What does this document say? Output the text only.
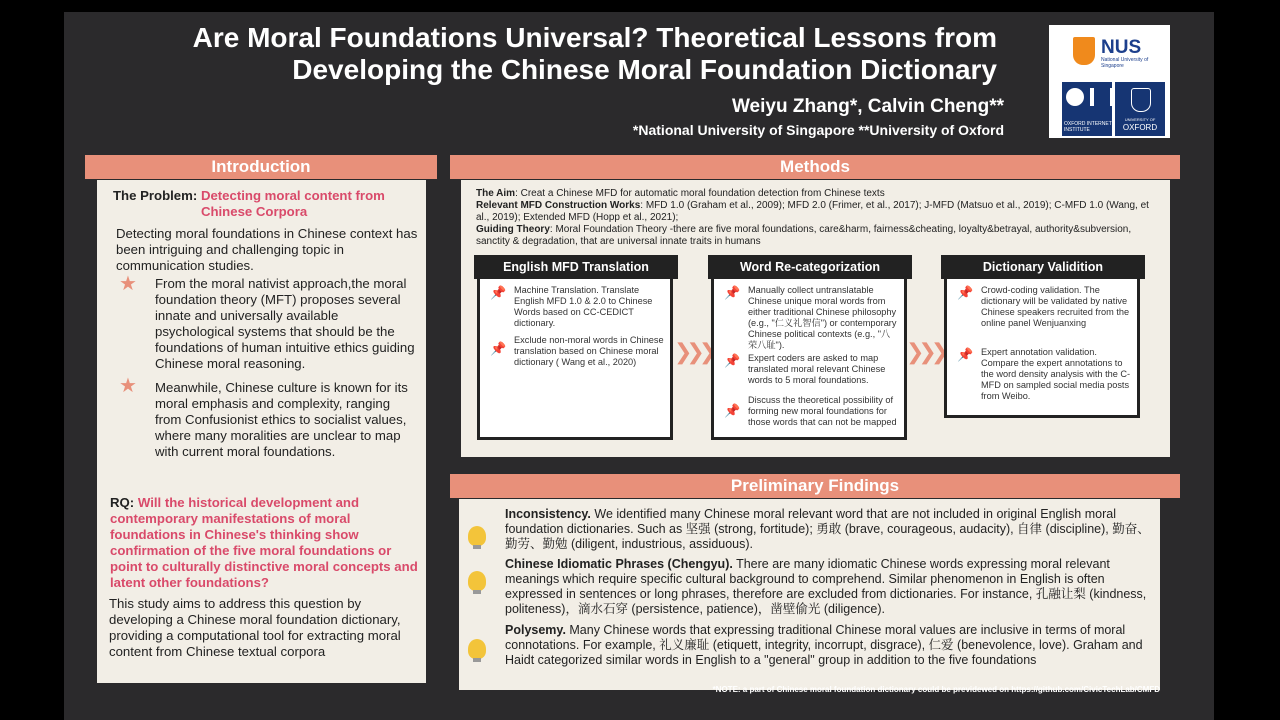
Are Moral Foundations Universal? Theoretical Lessons from
Developing the Chinese Moral Foundation Dictionary
Weiyu Zhang*, Calvin Cheng**
*National University of Singapore **University of Oxford
NUS
National University of Singapore
OXFORD INTERNET INSTITUTE
UNIVERSITY OF
OXFORD
Introduction
The Problem: Detecting moral content from
Chinese Corpora
Detecting moral foundations in Chinese context has been intriguing and challenging topic in communication studies.
★ From the moral nativist approach,the moral foundation theory (MFT) proposes several innate and universally available psychological systems that should be the foundations of human intuitive ethics guiding Chinese moral reasoning.
★ Meanwhile, Chinese culture is known for its moral emphasis and complexity, ranging from Confusionist ethics to socialist values, where many moralities are unclear to map with current moral foundations.
RQ: Will the historical development and contemporary manifestations of moral foundations in Chinese's thinking show confirmation of the five moral foundations or point to culturally distinctive moral concepts and latent other foundations?
This study aims to address this question by developing a Chinese moral foundation dictionary, providing a computational tool for extracting moral content from Chinese textual corpora
Methods
The Aim: Creat a Chinese MFD for automatic moral foundation detection from Chinese texts
Relevant MFD Construction Works: MFD 1.0 (Graham et al., 2009); MFD 2.0 (Frimer, et al., 2017); J-MFD (Matsuo et al., 2019); C-MFD 1.0 (Wang, et al., 2019); Extended MFD (Hopp et al., 2021);
Guiding Theory: Moral Foundation Theory -there are five moral foundations, care&harm, fairness&cheating, loyalty&betrayal, authority&subversion, sanctity & degradation, that are universal innate traits in humans
English MFD Translation
📌 Machine Translation. Translate English MFD 1.0 & 2.0 to Chinese Words based on CC-CEDICT dictionary.
📌
Exclude non-moral words in Chinese translation based on Chinese moral dictionary ( Wang et al., 2020)	❯❯❯
Word Re-categorization
📌 Manually collect untranslatable Chinese unique moral words from either traditional Chinese philosophy (e.g., "仁义礼智信") or contemporary Chinese political contexts (e.g., "八荣八耻").
📌 Expert coders are asked to map translated moral relevant Chinese words to 5 moral foundations.
📌
Discuss the theoretical possibility of forming new moral foundations for those words that can not be mapped
❯❯❯
Dictionary Validition
📌 Crowd-coding validation. The dictionary will be validated by native Chinese speakers recruited from the online panel Wenjuanxing
📌 Expert annotation validation. Compare the expert annotations to the word density analysis with the C-MFD on sampled social media posts from Weibo.
Preliminary Findings
Inconsistency. We identified many Chinese moral relevant word that are not included in original English moral foundation dictionaries. Such as 坚强 (strong, fortitude); 勇敢 (brave, courageous, audacity), 自律 (discipline), 勤奋、勤劳、勤勉 (diligent, industrious, assiduous).
Chinese Idiomatic Phrases (Chengyu). There are many idiomatic Chinese words expressing moral relevant meanings which require specific cultural background to comprehend. Similar phenomenon in English is often expressed in sentences or long phrases, therefore are excluded from dictionaries. For instance, 孔融让梨 (kindness, politeness)，滴水石穿 (persistence, patience)，凿壁偷光 (diligence).
Polysemy. Many Chinese words that expressing traditional Chinese moral values are inclusive in terms of moral connotations. For example, 礼义廉耻 (etiquett, integrity, incorrupt, disgrace), 仁爱 (benevolence, love). Graham and Haidt categorized similar words in English to a "general" group in addition to the five foundations
*NOTE: a part of Chinese moral foundation dictionary could be previdewed on https://github.com/CivicTechLab/CMFD
